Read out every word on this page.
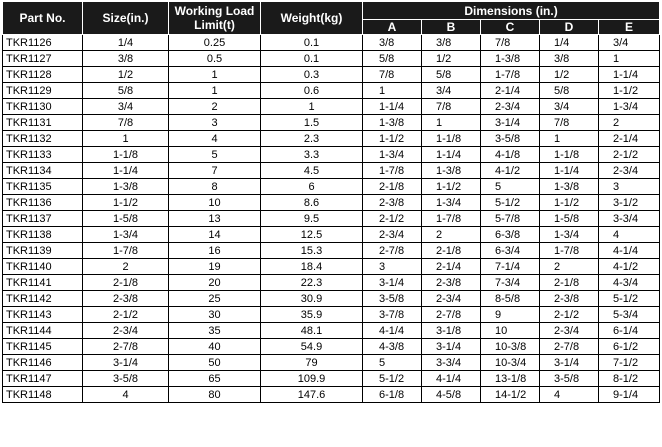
Part No.	Size(in.)	Working Load Limit(t)	Weight(kg)	Dimensions (in.)				
				A	B	C	D	E
TKR1126	1/4	0.25	0.1	3/8	3/8	7/8	1/4	3/4
TKR1127	3/8	0.5	0.1	5/8	1/2	1-3/8	3/8	1
TKR1128	1/2	1	0.3	7/8	5/8	1-7/8	1/2	1-1/4
TKR1129	5/8	1	0.6	1	3/4	2-1/4	5/8	1-1/2
TKR1130	3/4	2	1	1-1/4	7/8	2-3/4	3/4	1-3/4
TKR1131	7/8	3	1.5	1-3/8	1	3-1/4	7/8	2
TKR1132	1	4	2.3	1-1/2	1-1/8	3-5/8	1	2-1/4
TKR1133	1-1/8	5	3.3	1-3/4	1-1/4	4-1/8	1-1/8	2-1/2
TKR1134	1-1/4	7	4.5	1-7/8	1-3/8	4-1/2	1-1/4	2-3/4
TKR1135	1-3/8	8	6	2-1/8	1-1/2	5	1-3/8	3
TKR1136	1-1/2	10	8.6	2-3/8	1-3/4	5-1/2	1-1/2	3-1/2
TKR1137	1-5/8	13	9.5	2-1/2	1-7/8	5-7/8	1-5/8	3-3/4
TKR1138	1-3/4	14	12.5	2-3/4	2	6-3/8	1-3/4	4
TKR1139	1-7/8	16	15.3	2-7/8	2-1/8	6-3/4	1-7/8	4-1/4
TKR1140	2	19	18.4	3	2-1/4	7-1/4	2	4-1/2
TKR1141	2-1/8	20	22.3	3-1/4	2-3/8	7-3/4	2-1/8	4-3/4
TKR1142	2-3/8	25	30.9	3-5/8	2-3/4	8-5/8	2-3/8	5-1/2
TKR1143	2-1/2	30	35.9	3-7/8	2-7/8	9	2-1/2	5-3/4
TKR1144	2-3/4	35	48.1	4-1/4	3-1/8	10	2-3/4	6-1/4
TKR1145	2-7/8	40	54.9	4-3/8	3-1/4	10-3/8	2-7/8	6-1/2
TKR1146	3-1/4	50	79	5	3-3/4	10-3/4	3-1/4	7-1/2
TKR1147	3-5/8	65	109.9	5-1/2	4-1/4	13-1/8	3-5/8	8-1/2
TKR1148	4	80	147.6	6-1/8	4-5/8	14-1/2	4	9-1/4
